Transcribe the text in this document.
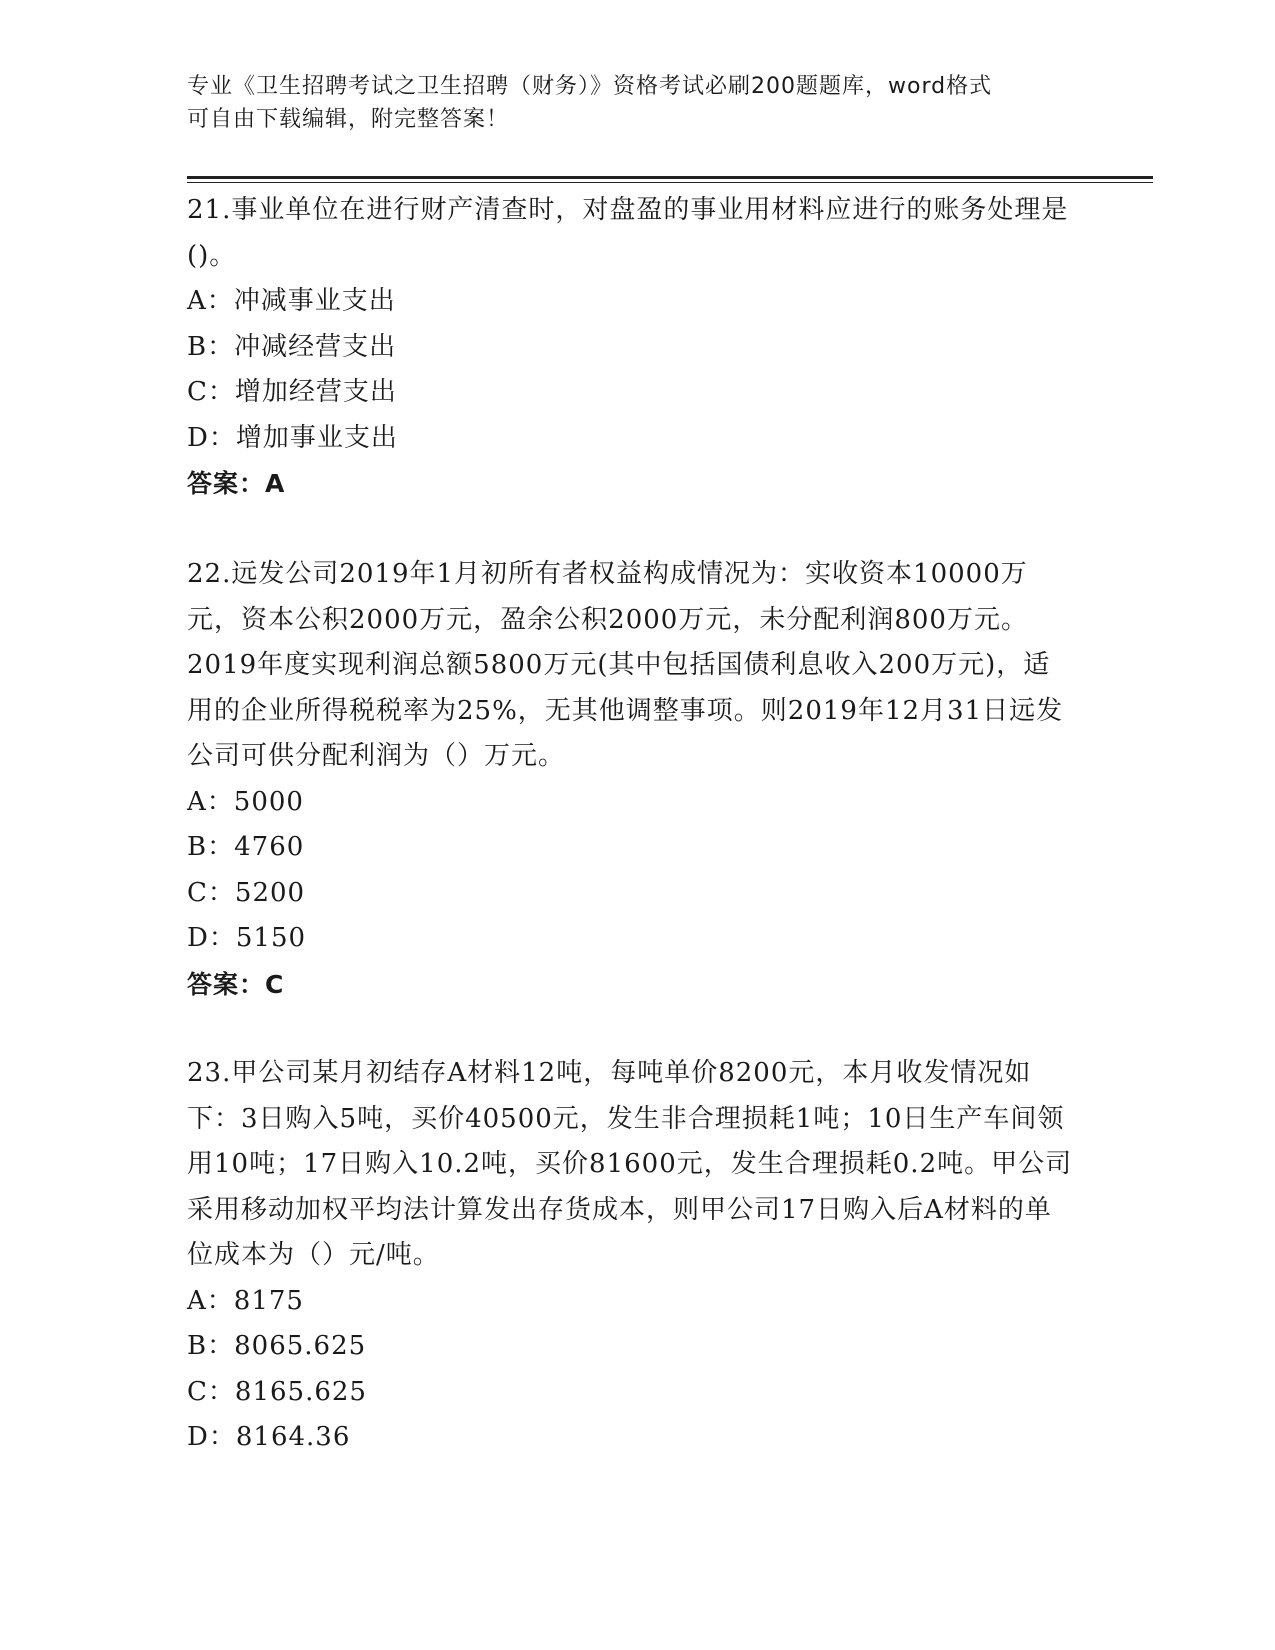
专业《卫生招聘考试之卫生招聘（财务）》资格考试必刷200题题库，word格式
可自由下载编辑，附完整答案！

21.事业单位在进行财产清查时，对盘盈的事业用材料应进行的账务处理是()。

A：冲减事业支出

B：冲减经营支出

C：增加经营支出

D：增加事业支出

答案：A

22.远发公司2019年1月初所有者权益构成情况为：实收资本10000万元，资本公积2000万元，盈余公积2000万元，未分配利润800万元。2019年度实现利润总额5800万元(其中包括国债利息收入200万元)，适用的企业所得税税率为25%，无其他调整事项。则2019年12月31日远发公司可供分配利润为（）万元。

A：5000

B：4760

C：5200

D：5150

答案：C

23.甲公司某月初结存A材料12吨，每吨单价8200元，本月收发情况如下：3日购入5吨，买价40500元，发生非合理损耗1吨；10日生产车间领用10吨；17日购入10.2吨，买价81600元，发生合理损耗0.2吨。甲公司采用移动加权平均法计算发出存货成本，则甲公司17日购入后A材料的单位成本为（）元/吨。

A：8175

B：8065.625

C：8165.625

D：8164.36
